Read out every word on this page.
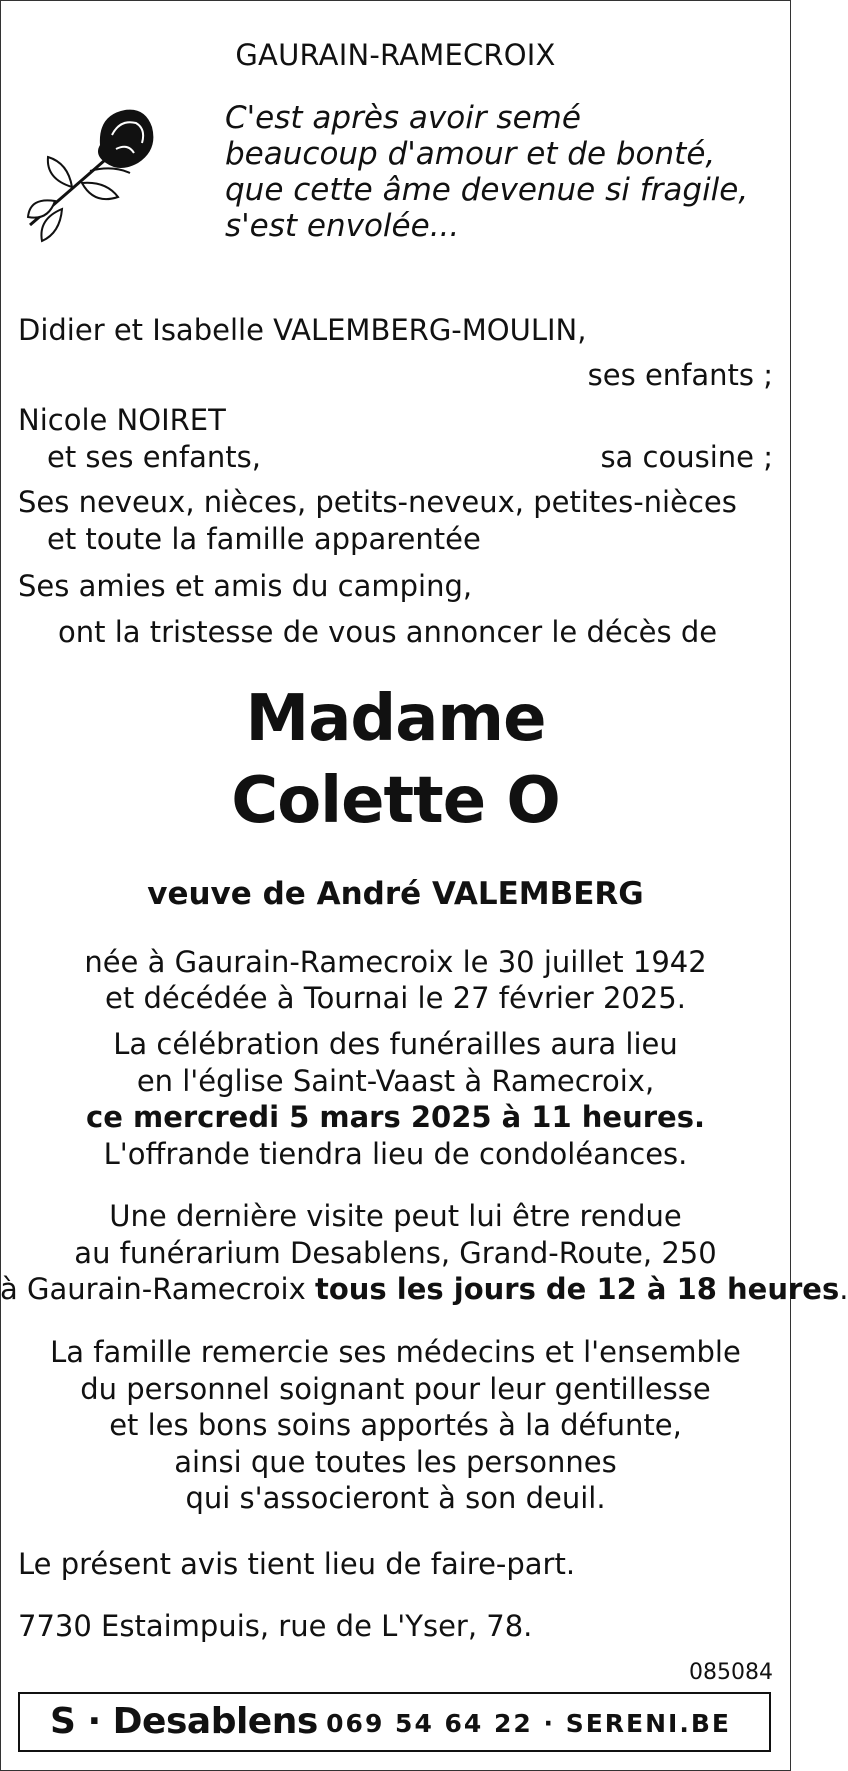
GAURAIN-RAMECROIX
C'est après avoir semé
beaucoup d'amour et de bonté,
que cette âme devenue si fragile,
s'est envolée...
Didier et Isabelle VALEMBERG-MOULIN,
ses enfants ;
Nicole NOIRET
et ses enfants,	sa cousine ;
Ses neveux, nièces, petits-neveux, petites-nièces
et toute la famille apparentée
Ses amies et amis du camping,
ont la tristesse de vous annoncer le décès de
Madame
Colette O
veuve de André VALEMBERG
née à Gaurain-Ramecroix le 30 juillet 1942
et décédée à Tournai le 27 février 2025.
La célébration des funérailles aura lieu
en l'église Saint-Vaast à Ramecroix,
ce mercredi 5 mars 2025 à 11 heures.
L'offrande tiendra lieu de condoléances.
Une dernière visite peut lui être rendue
au funérarium Desablens, Grand-Route, 250
à Gaurain-Ramecroix tous les jours de 12 à 18 heures.
La famille remercie ses médecins et l'ensemble
du personnel soignant pour leur gentillesse
et les bons soins apportés à la défunte,
ainsi que toutes les personnes
qui s'associeront à son deuil.
Le présent avis tient lieu de faire-part.
7730 Estaimpuis, rue de L'Yser, 78.
085084
S · Desablens 069 54 64 22 · SERENI.BE
